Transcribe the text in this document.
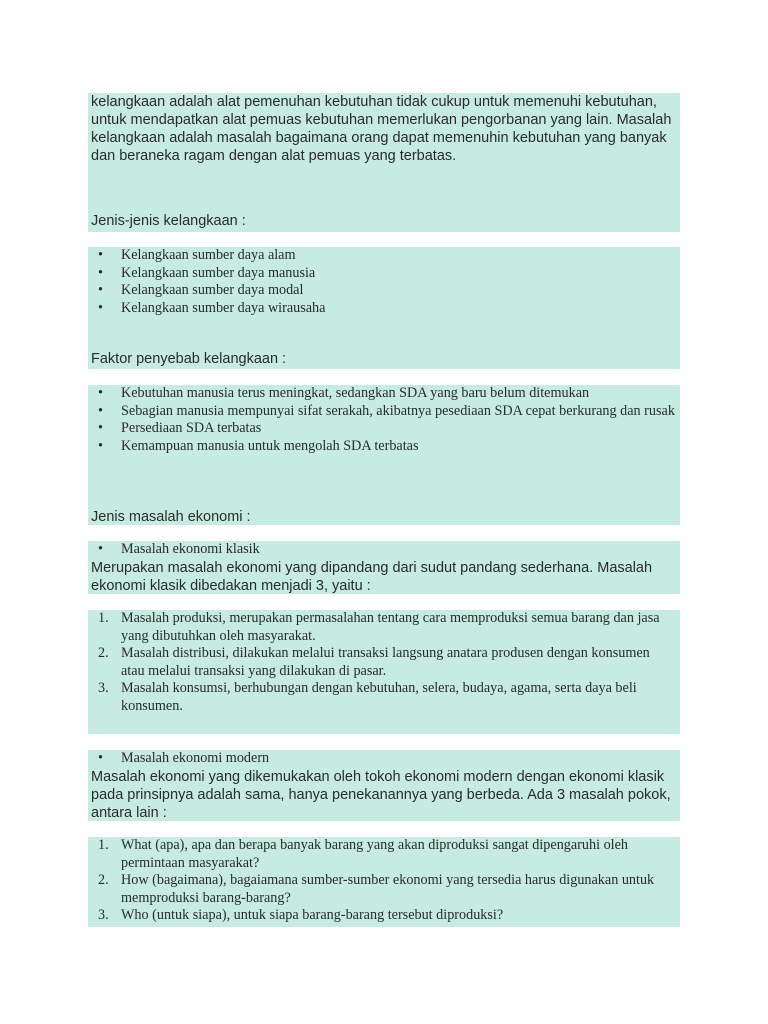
kelangkaan adalah alat pemenuhan kebutuhan tidak cukup untuk memenuhi kebutuhan, untuk mendapatkan alat pemuas kebutuhan memerlukan pengorbanan yang lain. Masalah kelangkaan adalah masalah bagaimana orang dapat memenuhin kebutuhan yang banyak dan beraneka ragam dengan alat pemuas yang terbatas.
Jenis-jenis kelangkaan :
• Kelangkaan sumber daya alam
• Kelangkaan sumber daya manusia
• Kelangkaan sumber daya modal
• Kelangkaan sumber daya wirausaha
Faktor penyebab kelangkaan :
• Kebutuhan manusia terus meningkat, sedangkan SDA yang baru belum ditemukan
• Sebagian manusia mempunyai sifat serakah, akibatnya pesediaan SDA cepat berkurang dan rusak
• Persediaan SDA terbatas
• Kemampuan manusia untuk mengolah SDA terbatas
Jenis masalah ekonomi :
• Masalah ekonomi klasik
Merupakan masalah ekonomi yang dipandang dari sudut pandang sederhana. Masalah ekonomi klasik dibedakan menjadi 3, yaitu :
1. Masalah produksi, merupakan permasalahan tentang cara memproduksi semua barang dan jasa yang dibutuhkan oleh masyarakat.
2. Masalah distribusi, dilakukan melalui transaksi langsung anatara produsen dengan konsumen atau melalui transaksi yang dilakukan di pasar.
3. Masalah konsumsi, berhubungan dengan kebutuhan, selera, budaya, agama, serta daya beli konsumen.
• Masalah ekonomi modern
Masalah ekonomi yang dikemukakan oleh tokoh ekonomi modern dengan ekonomi klasik pada prinsipnya adalah sama, hanya penekanannya yang berbeda. Ada 3 masalah pokok, antara lain :
1. What (apa), apa dan berapa banyak barang yang akan diproduksi sangat dipengaruhi oleh permintaan masyarakat?
2. How (bagaimana), bagaiamana sumber-sumber ekonomi yang tersedia harus digunakan untuk memproduksi barang-barang?
3. Who (untuk siapa), untuk siapa barang-barang tersebut diproduksi?
